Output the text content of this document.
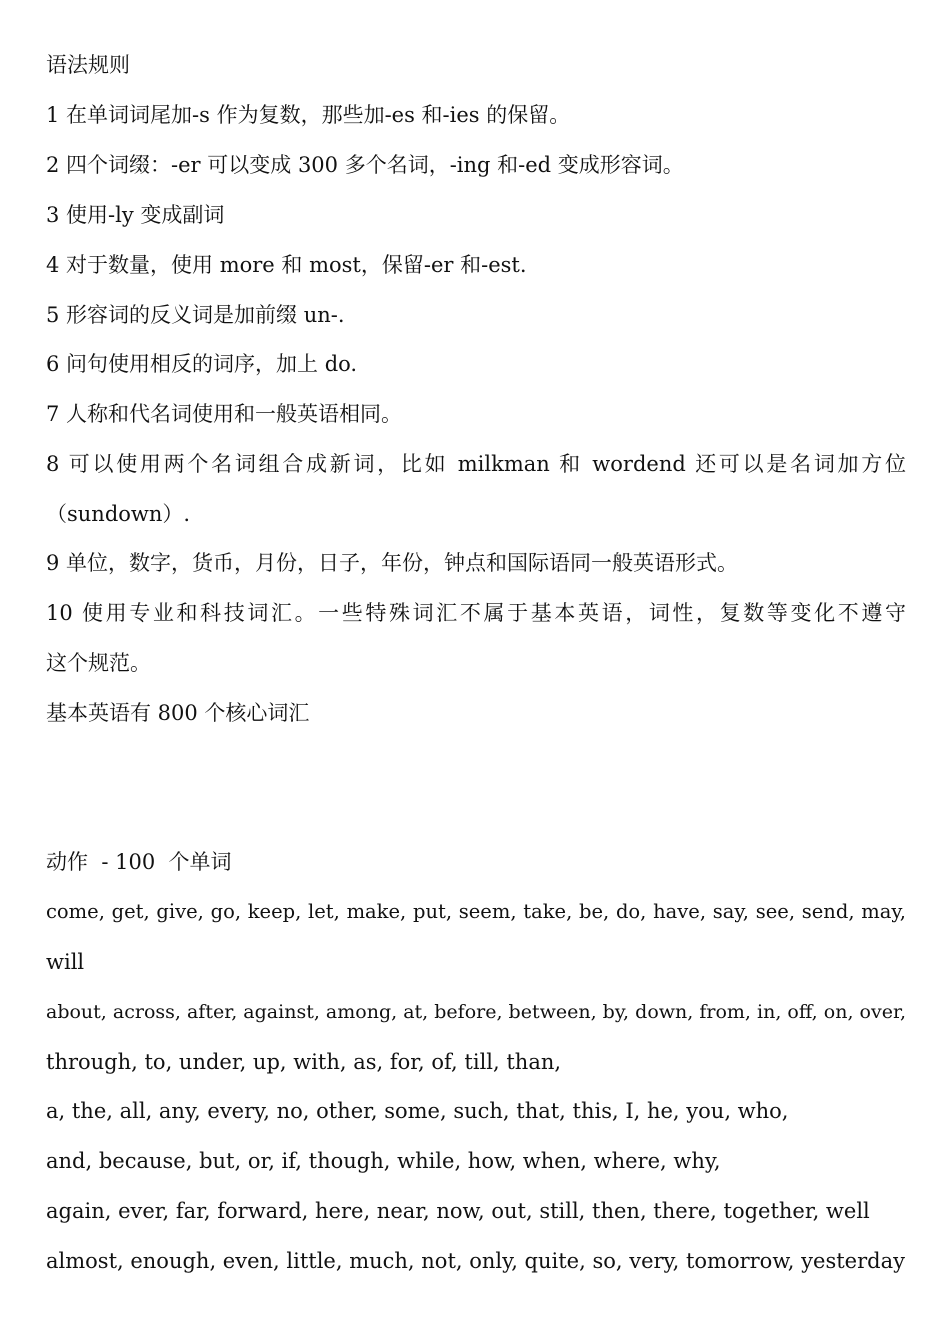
语法规则
1 在单词词尾加-s 作为复数，那些加-es 和-ies 的保留。
2 四个词缀：-er 可以变成 300 多个名词，-ing 和-ed 变成形容词。
3 使用-ly 变成副词
4 对于数量，使用 more 和 most，保留-er 和-est.
5 形容词的反义词是加前缀 un-.
6 问句使用相反的词序，加上 do.
7 人称和代名词使用和一般英语相同。
8 可以使用两个名词组合成新词，比如 milkman 和 wordend 还可以是名词加方位
（sundown）.
9 单位，数字，货币，月份，日子，年份，钟点和国际语同一般英语形式。
10 使用专业和科技词汇。一些特殊词汇不属于基本英语，词性，复数等变化不遵守
这个规范。
基本英语有 800 个核心词汇
动作  - 100  个单词
come, get, give, go, keep, let, make, put, seem, take, be, do, have, say, see, send, may,
will
about, across, after, against, among, at, before, between, by, down, from, in, off, on, over,
through, to, under, up, with, as, for, of, till, than,
a, the, all, any, every, no, other, some, such, that, this, I, he, you, who,
and, because, but, or, if, though, while, how, when, where, why,
again, ever, far, forward, here, near, now, out, still, then, there, together, well
almost, enough, even, little, much, not, only, quite, so, very, tomorrow, yesterday
